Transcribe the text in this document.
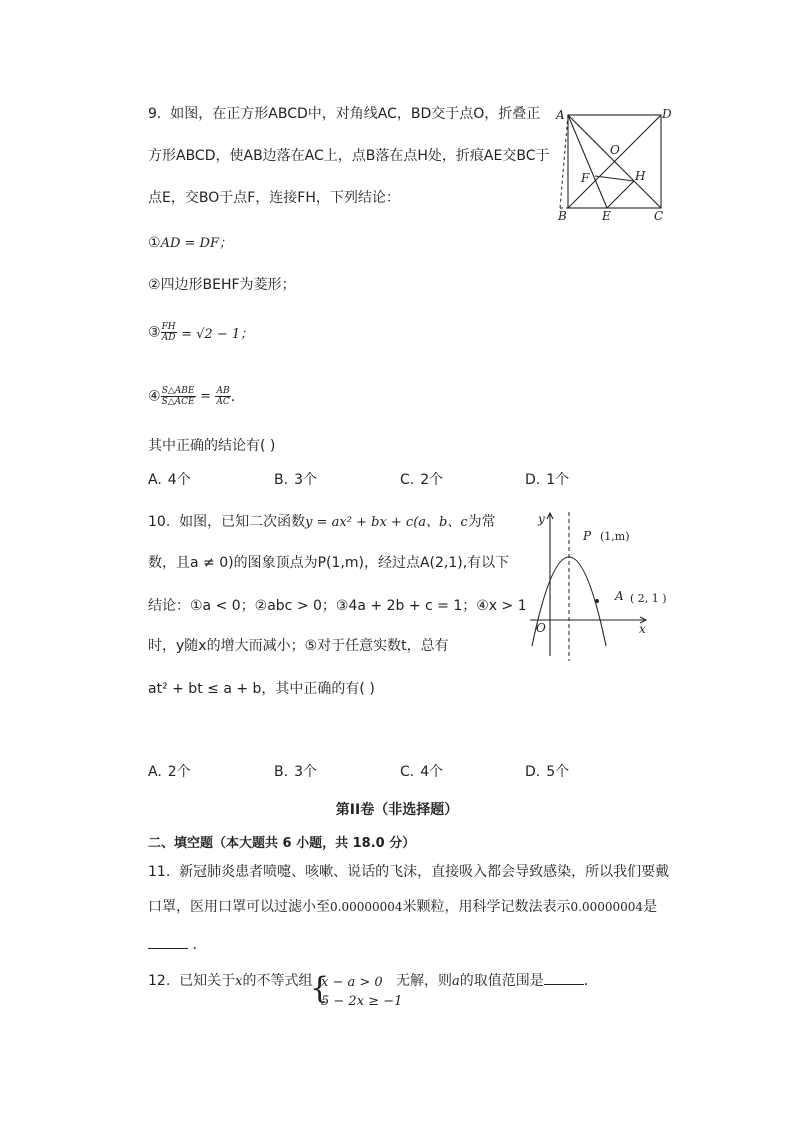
9. 如图，在正方形ABCD中，对角线AC，BD交于点O，折叠正
方形ABCD，使AB边落在AC上，点B落在点H处，折痕AE交BC于
点E，交BO于点F，连接FH，下列结论：
①AD = DF；
②四边形BEHF为菱形；
③ $\frac{FH}{AD} = √2 - 1$；
④ $\frac{\text{S△ABE}}{\text{S△ACE}} = \frac{AB}{AC}$ ．
其中正确的结论有( )
A. 4个	B. 3个	C. 2个	D. 1个
A	D
O
F	H
B	E	C
10. 如图，已知二次函数y = ax² + bx + c(a、b、c为常
数，且a ≠ 0)的图象顶点为P(1,m)，经过点A(2,1),有以下
结论：①a < 0；②abc > 0；③4a + 2b + c = 1；④x > 1
时，y随x的增大而减小；⑤对于任意实数t，总有
at² + bt ≤ a + b，其中正确的有( )
A. 2个	B. 3个	C. 4个	D. 5个
y
x
O
P (1,m)
A ( 2, 1 )
第II卷（非选择题）
二、填空题（本大题共 6 小题，共 18.0 分）
11. 新冠肺炎患者喷嚏、咳嗽、说话的飞沫，直接吸入都会导致感染，所以我们要戴
口罩，医用口罩可以过滤小至0.00000004米颗粒，用科学记数法表示0.00000004是
．
12. 已知关于x的不等式组
{
x − a > 0
5 − 2x ≥ −1
无解，则a的取值范围是	．
